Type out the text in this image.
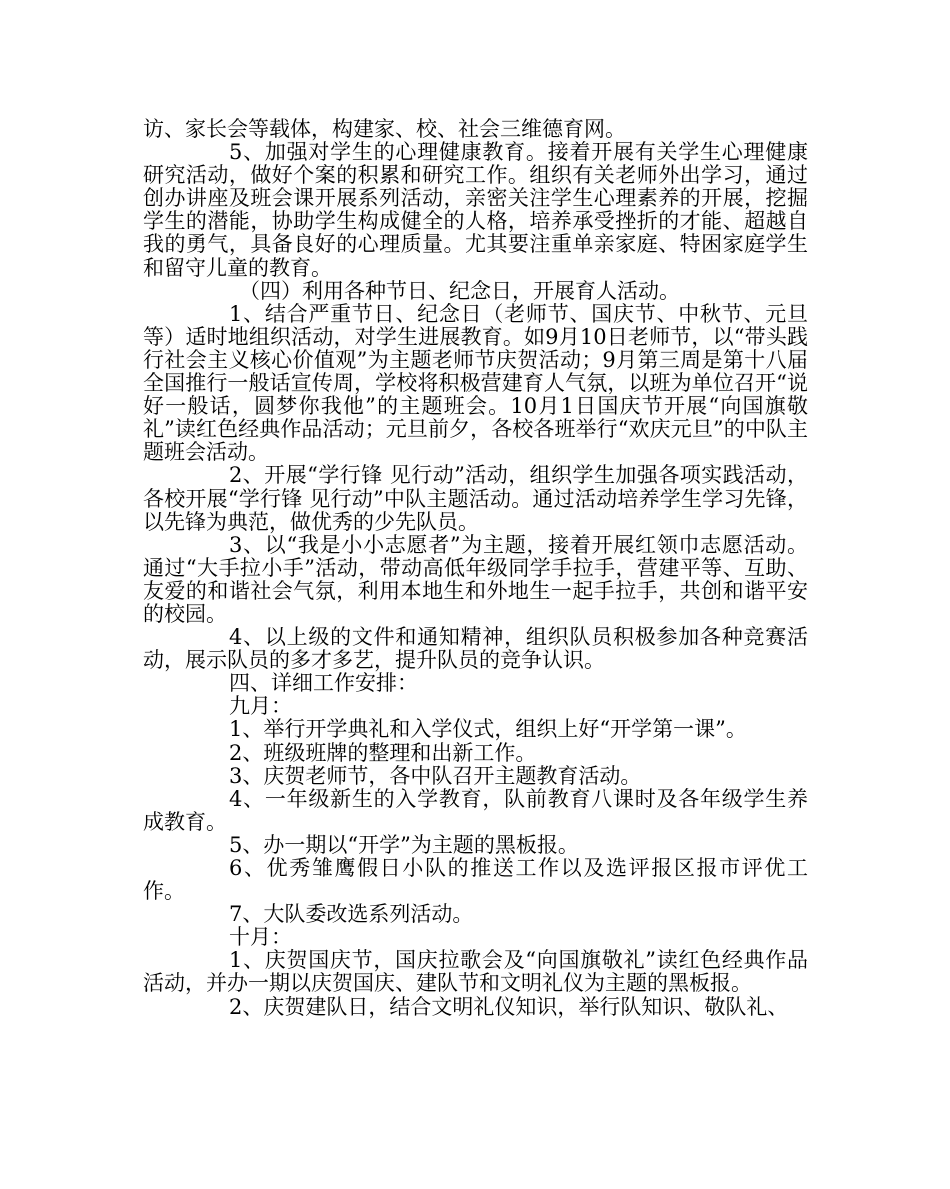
访、家长会等载体，构建家、校、社会三维德育网。

5、加强对学生的心理健康教育。接着开展有关学生心理健康研究活动，做好个案的积累和研究工作。组织有关老师外出学习，通过创办讲座及班会课开展系列活动，亲密关注学生心理素养的开展，挖掘学生的潜能，协助学生构成健全的人格，培养承受挫折的才能、超越自我的勇气，具备良好的心理质量。尤其要注重单亲家庭、特困家庭学生和留守儿童的教育。

（四）利用各种节日、纪念日，开展育人活动。

1、结合严重节日、纪念日（老师节、国庆节、中秋节、元旦等）适时地组织活动，对学生进展教育。如9月10日老师节，以“带头践行社会主义核心价值观”为主题老师节庆贺活动；9月第三周是第十八届全国推行一般话宣传周，学校将积极营建育人气氛，以班为单位召开“说好一般话，圆梦你我他”的主题班会。10月1日国庆节开展“向国旗敬礼”读红色经典作品活动；元旦前夕，各校各班举行“欢庆元旦”的中队主题班会活动。

2、开展“学行锋 见行动”活动，组织学生加强各项实践活动，各校开展“学行锋 见行动”中队主题活动。通过活动培养学生学习先锋，以先锋为典范，做优秀的少先队员。

3、以“我是小小志愿者”为主题，接着开展红领巾志愿活动。通过“大手拉小手”活动，带动高低年级同学手拉手，营建平等、互助、友爱的和谐社会气氛，利用本地生和外地生一起手拉手，共创和谐平安的校园。

4、以上级的文件和通知精神，组织队员积极参加各种竞赛活动，展示队员的多才多艺，提升队员的竞争认识。

四、详细工作安排：

九月：

1、举行开学典礼和入学仪式，组织上好“开学第一课”。

2、班级班牌的整理和出新工作。

3、庆贺老师节，各中队召开主题教育活动。

4、一年级新生的入学教育，队前教育八课时及各年级学生养成教育。

5、办一期以“开学”为主题的黑板报。

6、优秀雏鹰假日小队的推送工作以及选评报区报市评优工作。

7、大队委改选系列活动。

十月：

1、庆贺国庆节，国庆拉歌会及“向国旗敬礼”读红色经典作品活动，并办一期以庆贺国庆、建队节和文明礼仪为主题的黑板报。

2、庆贺建队日，结合文明礼仪知识，举行队知识、敬队礼、
